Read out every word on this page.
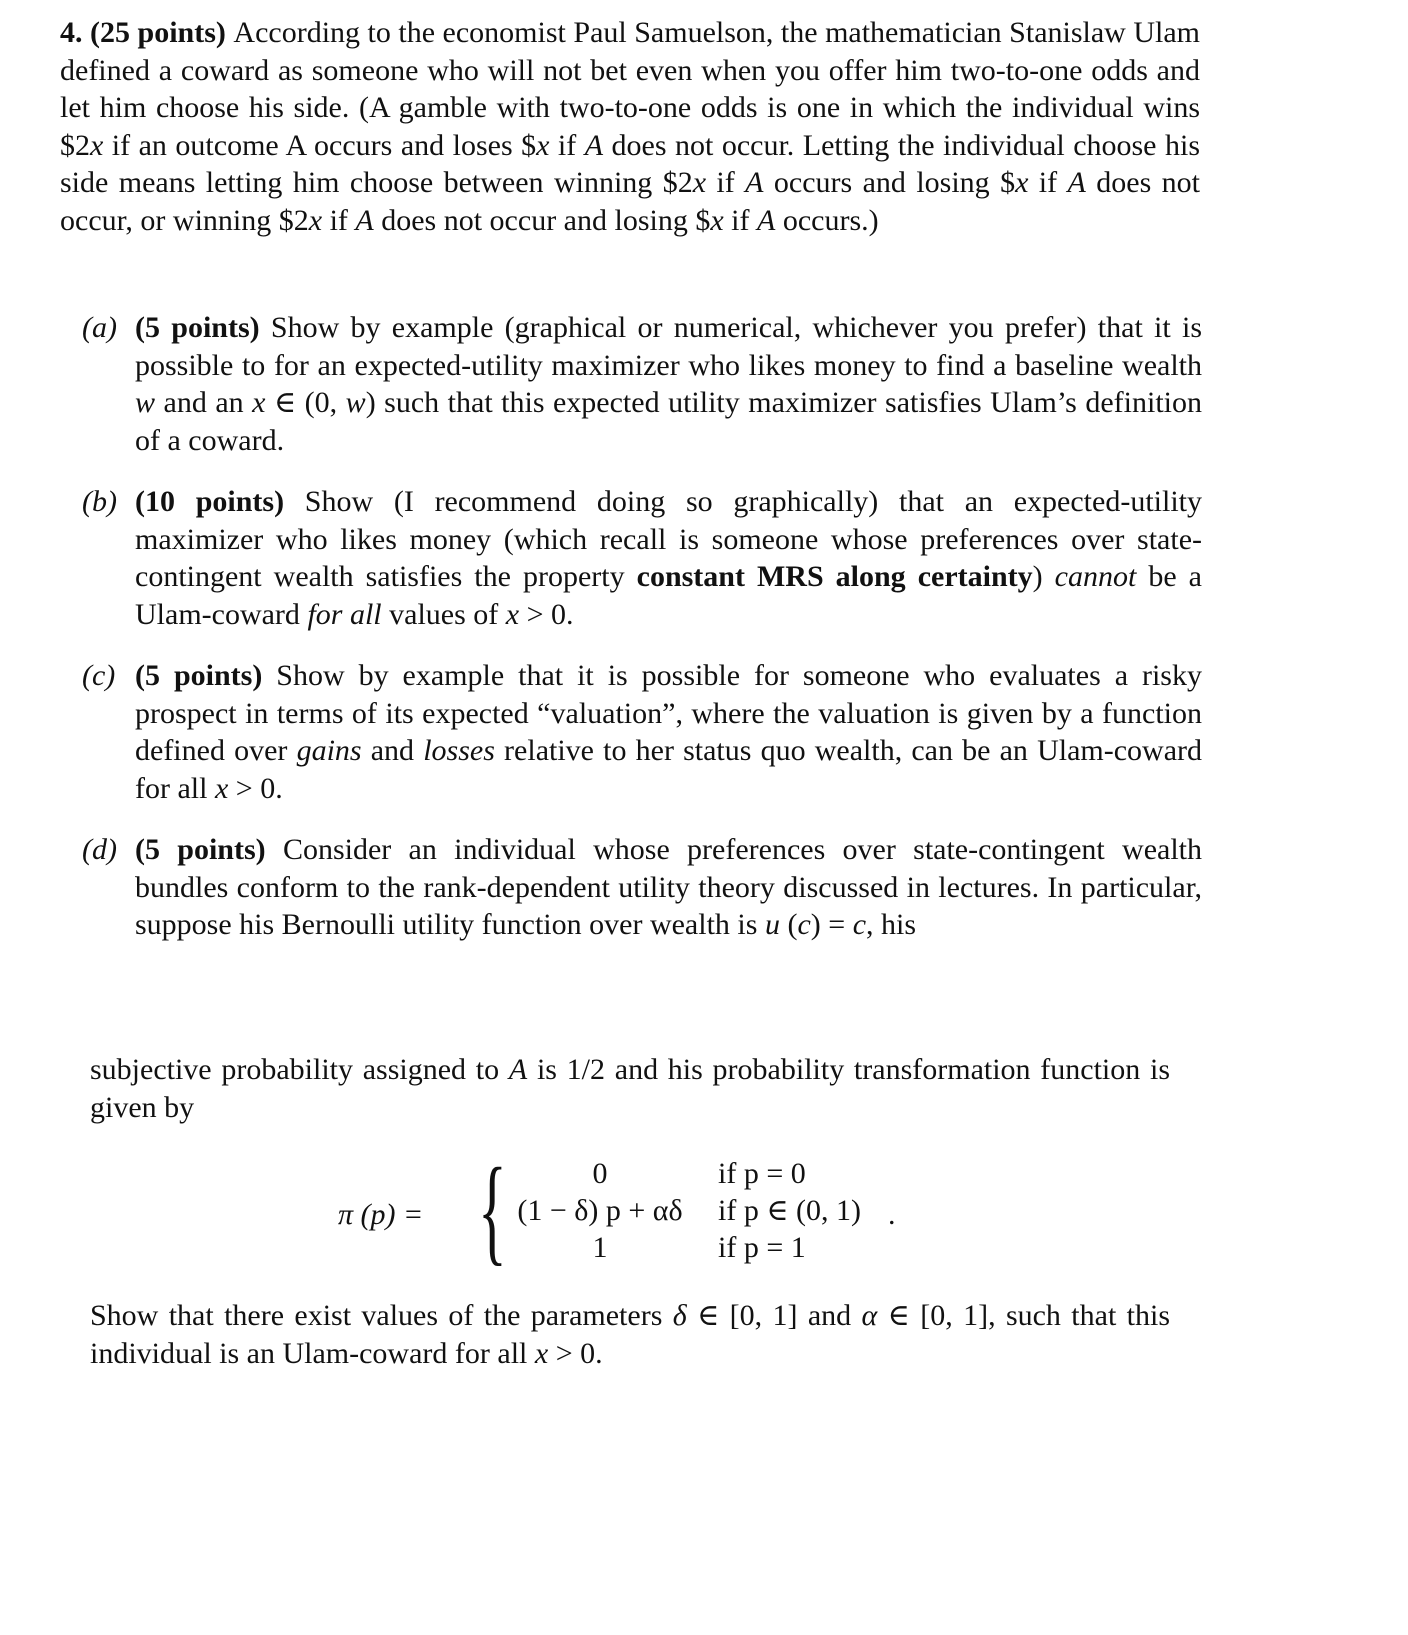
4. (25 points) According to the economist Paul Samuelson, the mathematician Stanislaw Ulam defined a coward as someone who will not bet even when you offer him two-to-one odds and let him choose his side. (A gamble with two-to-one odds is one in which the individual wins $2x if an outcome A occurs and loses $x if A does not occur. Letting the individual choose his side means letting him choose between winning $2x if A occurs and losing $x if A does not occur, or winning $2x if A does not occur and losing $x if A occurs.)
(a) (5 points) Show by example (graphical or numerical, whichever you prefer) that it is possible to for an expected-utility maximizer who likes money to find a baseline wealth w and an x ∈ (0, w) such that this expected utility maximizer satisfies Ulam’s definition of a coward.
(b) (10 points) Show (I recommend doing so graphically) that an expected-utility maximizer who likes money (which recall is someone whose preferences over state-contingent wealth satisfies the property constant MRS along certainty) cannot be a Ulam-coward for all values of x > 0.
(c) (5 points) Show by example that it is possible for someone who evaluates a risky prospect in terms of its expected “valuation”, where the valuation is given by a function defined over gains and losses relative to her status quo wealth, can be an Ulam-coward for all x > 0.
(d) (5 points) Consider an individual whose preferences over state-contingent wealth bundles conform to the rank-dependent utility theory discussed in lectures. In particular, suppose his Bernoulli utility function over wealth is u (c) = c, his
subjective probability assigned to A is 1/2 and his probability transformation function is given by
π (p) = {	0	if p = 0
(1 − δ) p + αδ	if p ∈ (0, 1)
1	if p = 1
.
Show that there exist values of the parameters δ ∈ [0, 1] and α ∈ [0, 1], such that this individual is an Ulam-coward for all x > 0.
